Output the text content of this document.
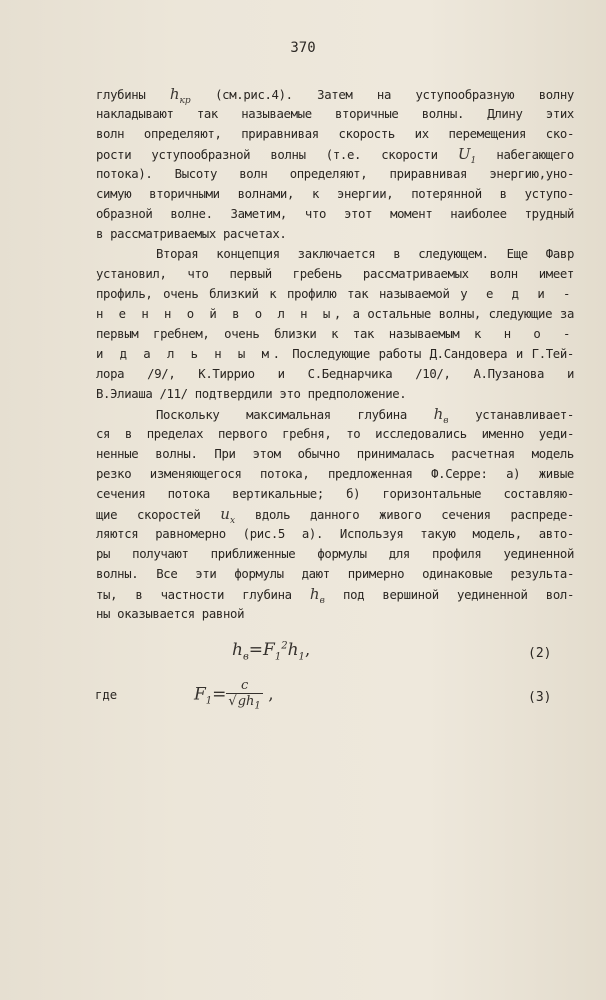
370
глубины $h_{кр}$ (см.рис.4). Затем на уступообразную волну
накладывают так называемые вторичные волны. Длину этих
волн определяют, приравнивая скорость их перемещения ско-
рости уступообразной волны (т.е. скорости $U_1$ набегающего
потока). Высоту волн определяют, приравнивая энергию,уно-
симую вторичными волнами, к энергии, потерянной в уступо-
образной волне. Заметим, что этот момент наиболее трудный
в рассматриваемых расчетах.
Вторая концепция заключается в следующем. Еще Фавр
установил, что первый гребень рассматриваемых волн имеет
профиль, очень близкий к профилю так называемой у е д и -
н е н н о й в о л н ы, а остальные волны, следующие за
первым гребнем, очень близки к так называемым к н о -
и д а л ь н ы м. Последующие работы Д.Сандовера и Г.Тей-
лора /9/, К.Тиррио и С.Беднарчика /10/, А.Пузанова и
В.Элиаша /11/ подтвердили это предположение.
Поскольку максимальная глубина $h_в$ устанавливает-
ся в пределах первого гребня, то исследовались именно уеди-
ненные волны. При этом обычно принималась расчетная модель
резко изменяющегося потока, предложенная Ф.Серре: а) живые
сечения потока вертикальные; б) горизонтальные составляю-
щие скоростей $u_x$ вдоль данного живого сечения распреде-
ляются равномерно (рис.5 а). Используя такую модель, авто-
ры получают приближенные формулы для профиля уединенной
волны. Все эти формулы дают примерно одинаковые результа-
ты, в частности глубина $h_в$ под вершиной уединенной вол-
ны оказывается равной
$h_в=F_1^2h_1$,	(2)
где	$F_1= \frac{c}{√gh_1}$ ,	(3)
